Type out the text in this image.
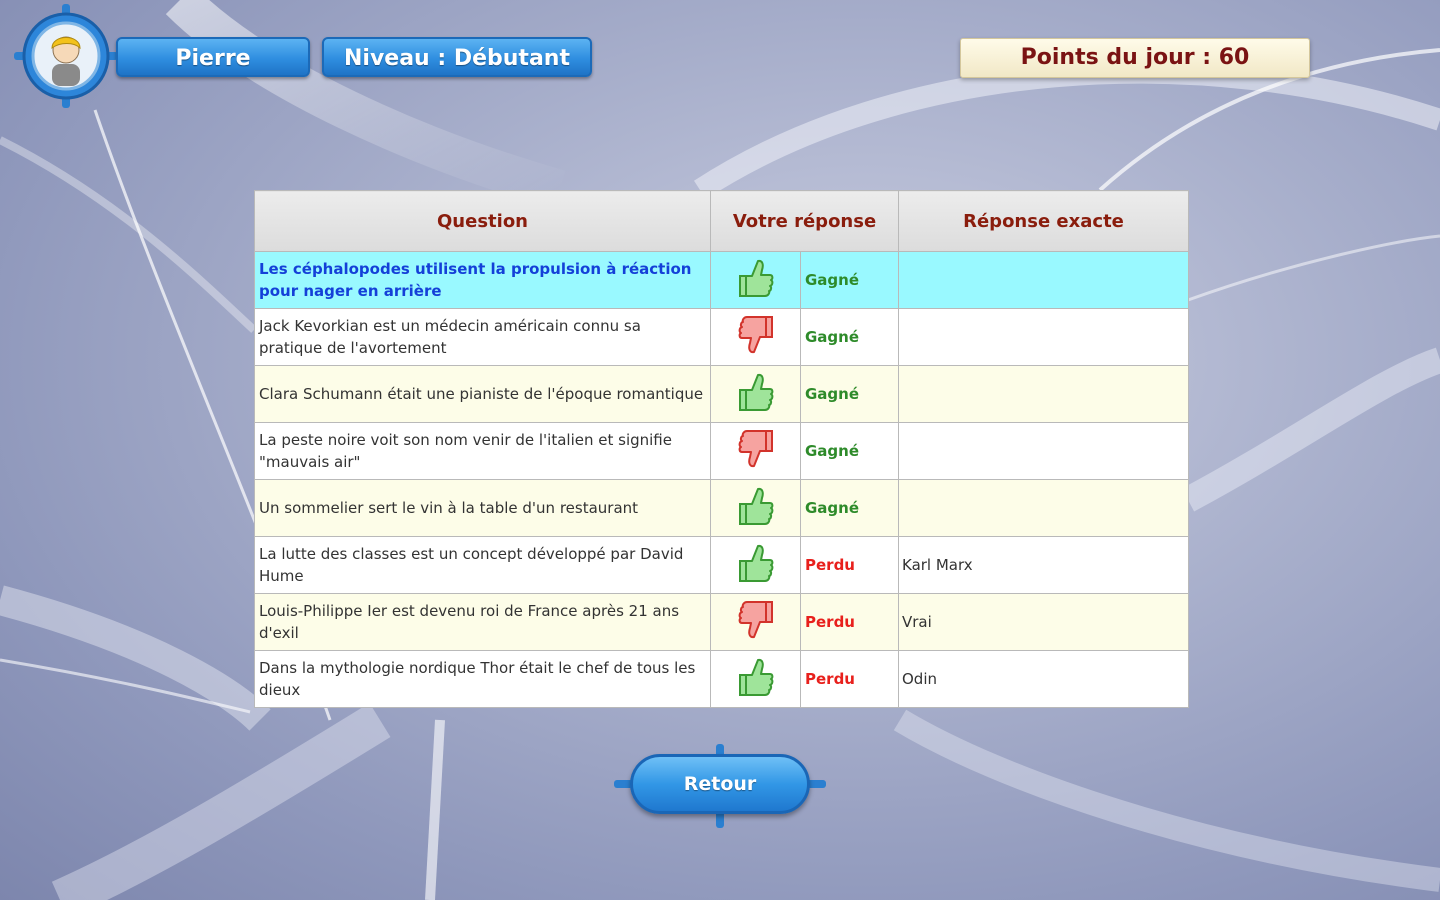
Pierre	Niveau : Débutant	Points du jour : 60
Question	Votre réponse		Réponse exacte
Les céphalopodes utilisent la propulsion à réaction pour nager en arrière		Gagné	
Jack Kevorkian est un médecin américain connu sa pratique de l'avortement		Gagné	
Clara Schumann était une pianiste de l'époque romantique		Gagné	
La peste noire voit son nom venir de l'italien et signifie "mauvais air"		Gagné	
Un sommelier sert le vin à la table d'un restaurant		Gagné	
La lutte des classes est un concept développé par David Hume		Perdu	Karl Marx
Louis-Philippe Ier est devenu roi de France après 21 ans d'exil		Perdu	Vrai
Dans la mythologie nordique Thor était le chef de tous les dieux		Perdu	Odin
Retour
